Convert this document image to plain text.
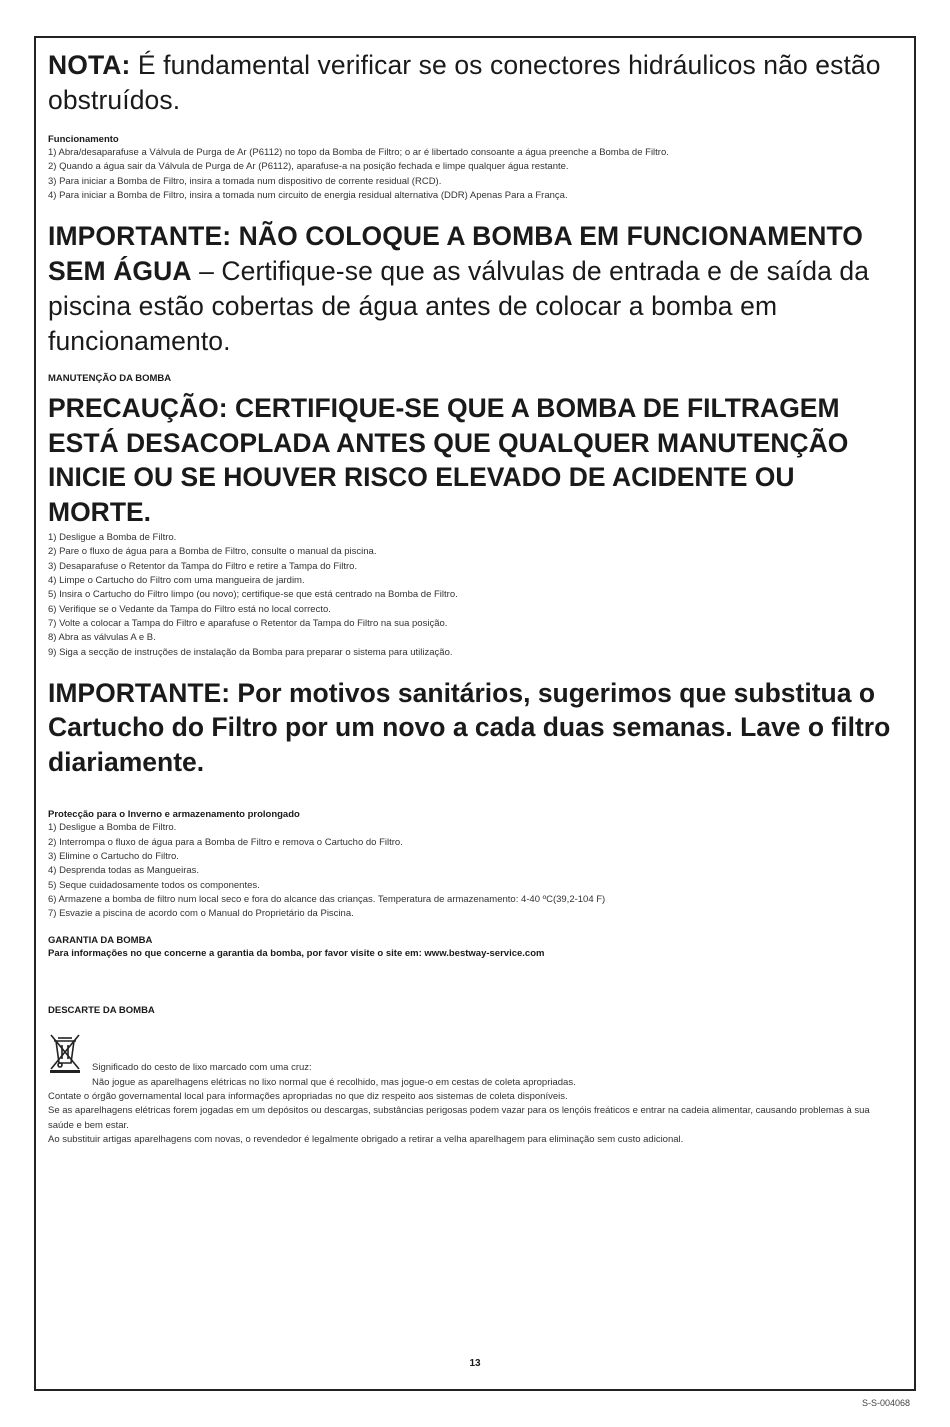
NOTA: É fundamental verificar se os conectores hidráulicos não estão obstruídos.
Funcionamento
1) Abra/desaparafuse a Válvula de Purga de Ar (P6112) no topo da Bomba de Filtro; o ar é libertado consoante a água preenche a Bomba de Filtro.
2) Quando a água sair da Válvula de Purga de Ar (P6112), aparafuse-a na posição fechada e limpe qualquer água restante.
3) Para iniciar a Bomba de Filtro, insira a tomada num dispositivo de corrente residual (RCD).
4) Para iniciar a Bomba de Filtro, insira a tomada num circuito de energia residual alternativa (DDR) Apenas Para a França.
IMPORTANTE: NÃO COLOQUE A BOMBA EM FUNCIONAMENTO SEM ÁGUA – Certifique-se que as válvulas de entrada e de saída da piscina estão cobertas de água antes de colocar a bomba em funcionamento.
MANUTENÇÃO DA BOMBA
PRECAUÇÃO: CERTIFIQUE-SE QUE A BOMBA DE FILTRAGEM ESTÁ DESACOPLADA ANTES QUE QUALQUER MANUTENÇÃO INICIE OU SE HOUVER RISCO ELEVADO DE ACIDENTE OU MORTE.
1) Desligue a Bomba de Filtro.
2) Pare o fluxo de água para a Bomba de Filtro, consulte o manual da piscina.
3) Desaparafuse o Retentor da Tampa do Filtro e retire a Tampa do Filtro.
4) Limpe o Cartucho do Filtro com uma mangueira de jardim.
5) Insira o Cartucho do Filtro limpo (ou novo); certifique-se que está centrado na Bomba de Filtro.
6) Verifique se o Vedante da Tampa do Filtro está no local correcto.
7) Volte a colocar a Tampa do Filtro e aparafuse o Retentor da Tampa do Filtro na sua posição.
8) Abra as válvulas A e B.
9) Siga a secção de instruções de instalação da Bomba para preparar o sistema para utilização.
IMPORTANTE: Por motivos sanitários, sugerimos que substitua o Cartucho do Filtro por um novo a cada duas semanas. Lave o filtro diariamente.
Protecção para o Inverno e armazenamento prolongado
1) Desligue a Bomba de Filtro.
2) Interrompa o fluxo de água para a Bomba de Filtro e remova o Cartucho do Filtro.
3) Elimine o Cartucho do Filtro.
4) Desprenda todas as Mangueiras.
5) Seque cuidadosamente todos os componentes.
6) Armazene a bomba de filtro num local seco e fora do alcance das crianças. Temperatura de armazenamento: 4-40 ºC(39,2-104 F)
7) Esvazie a piscina de acordo com o Manual do Proprietário da Piscina.
GARANTIA DA BOMBA
Para informações no que concerne a garantia da bomba, por favor visite o site em: www.bestway-service.com
DESCARTE DA BOMBA
Significado do cesto de lixo marcado com uma cruz:
Não jogue as aparelhagens elétricas no lixo normal que é recolhido, mas jogue-o em cestas de coleta apropriadas.
Contate o órgão governamental local para informações apropriadas no que diz respeito aos sistemas de coleta disponíveis.
Se as aparelhagens elétricas forem jogadas em um depósitos ou descargas, substâncias perigosas podem vazar para os lençóis freáticos e entrar na cadeia alimentar, causando problemas à sua saúde e bem estar.
Ao substituir artigas aparelhagens com novas, o revendedor é legalmente obrigado a retirar a velha aparelhagem para eliminação sem custo adicional.
13
S-S-004068
